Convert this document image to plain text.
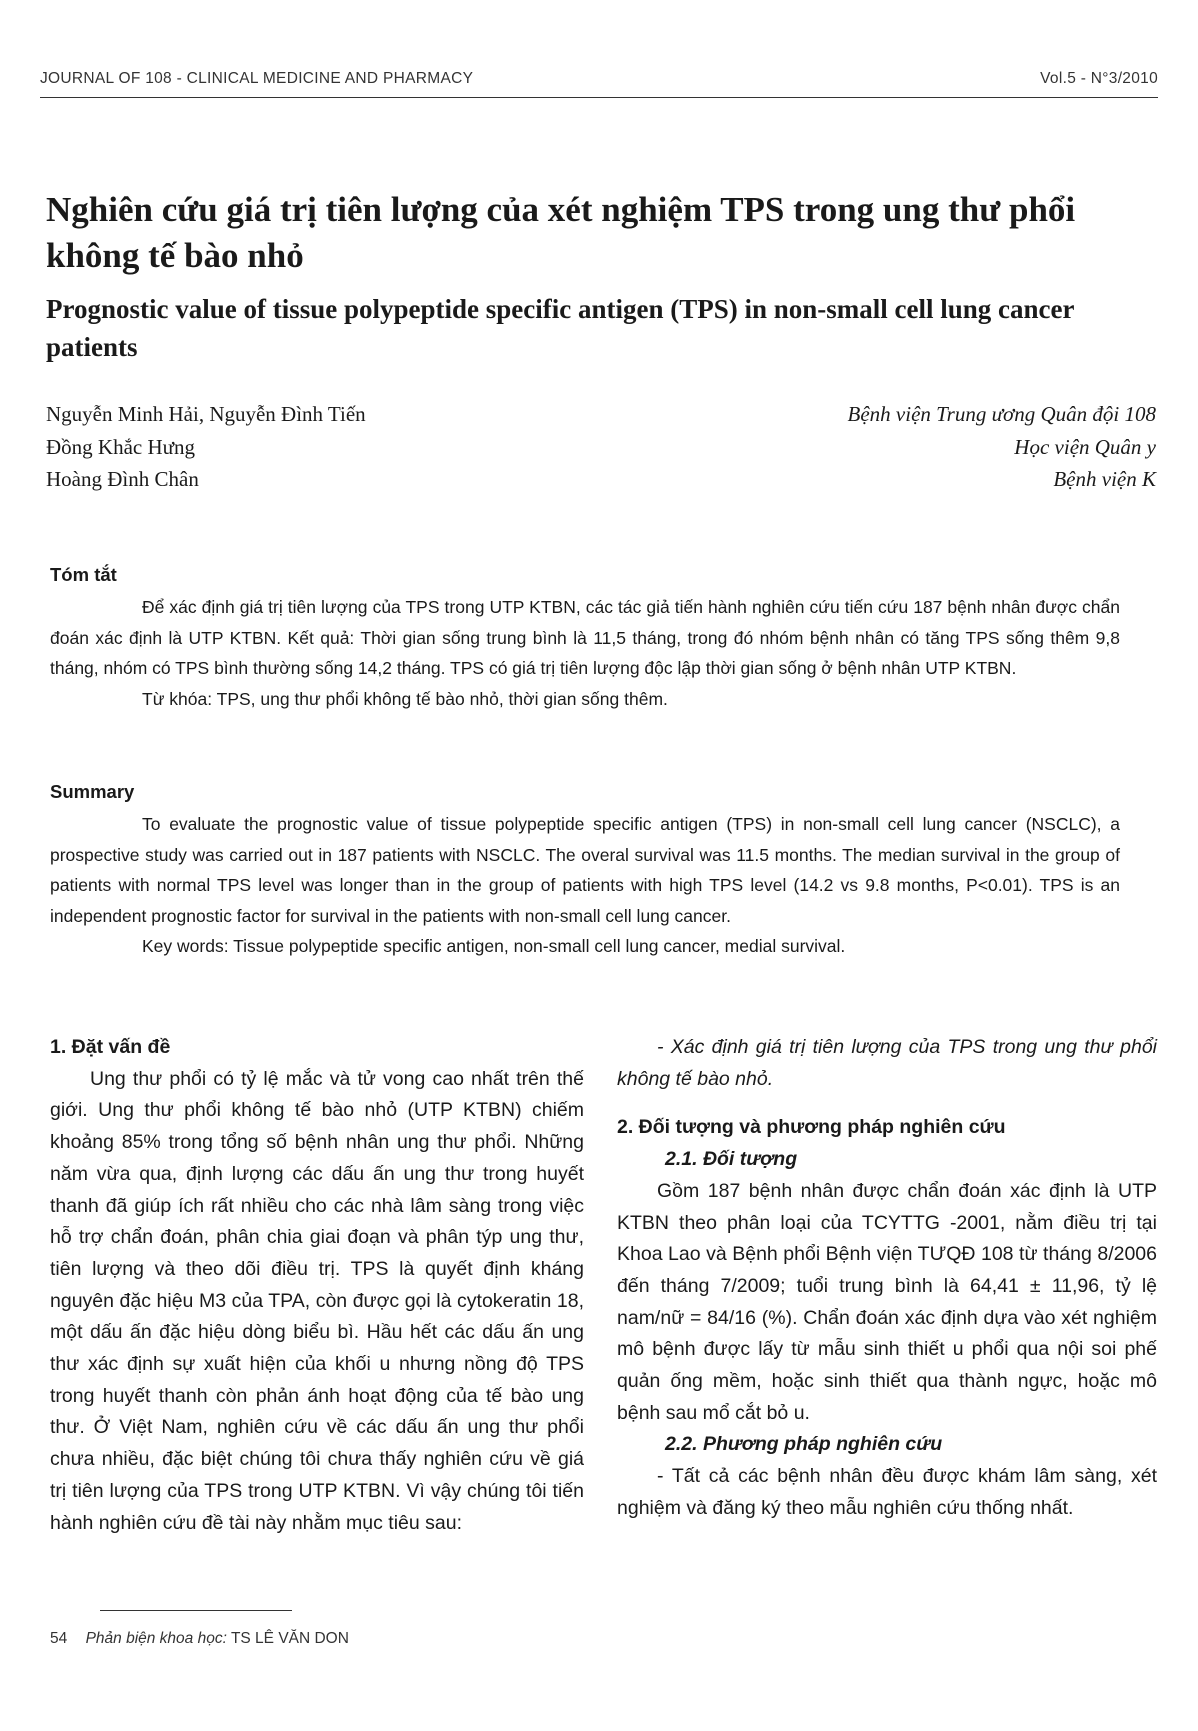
JOURNAL OF 108 - CLINICAL MEDICINE AND PHARMACY	Vol.5 - N°3/2010
Nghiên cứu giá trị tiên lượng của xét nghiệm TPS trong ung thư phổi không tế bào nhỏ
Prognostic value of tissue polypeptide specific antigen (TPS) in non-small cell lung cancer patients
Nguyễn Minh Hải, Nguyễn Đình Tiến	Bệnh viện Trung ương Quân đội 108
Đồng Khắc Hưng	Học viện Quân y
Hoàng Đình Chân	Bệnh viện K
Tóm tắt

Để xác định giá trị tiên lượng của TPS trong UTP KTBN, các tác giả tiến hành nghiên cứu tiến cứu 187 bệnh nhân được chẩn đoán xác định là UTP KTBN. Kết quả: Thời gian sống trung bình là 11,5 tháng, trong đó nhóm bệnh nhân có tăng TPS sống thêm 9,8 tháng, nhóm có TPS bình thường sống 14,2 tháng. TPS có giá trị tiên lượng độc lập thời gian sống ở bệnh nhân UTP KTBN.

Từ khóa: TPS, ung thư phổi không tế bào nhỏ, thời gian sống thêm.

Summary

To evaluate the prognostic value of tissue polypeptide specific antigen (TPS) in non-small cell lung cancer (NSCLC), a prospective study was carried out in 187 patients with NSCLC. The overal survival was 11.5 months. The median survival in the group of patients with normal TPS level was longer than in the group of patients with high TPS level (14.2 vs 9.8 months, P<0.01). TPS is an independent prognostic factor for survival in the patients with non-small cell lung cancer.

Key words: Tissue polypeptide specific antigen, non-small cell lung cancer, medial survival.

1. Đặt vấn đề

Ung thư phổi có tỷ lệ mắc và tử vong cao nhất trên thế giới. Ung thư phổi không tế bào nhỏ (UTP KTBN) chiếm khoảng 85% trong tổng số bệnh nhân ung thư phổi. Những năm vừa qua, định lượng các dấu ấn ung thư trong huyết thanh đã giúp ích rất nhiều cho các nhà lâm sàng trong việc hỗ trợ chẩn đoán, phân chia giai đoạn và phân týp ung thư, tiên lượng và theo dõi điều trị. TPS là quyết định kháng nguyên đặc hiệu M3 của TPA, còn được gọi là cytokeratin 18, một dấu ấn đặc hiệu dòng biểu bì. Hầu hết các dấu ấn ung thư xác định sự xuất hiện của khối u nhưng nồng độ TPS trong huyết thanh còn phản ánh hoạt động của tế bào ung thư. Ở Việt Nam, nghiên cứu về các dấu ấn ung thư phổi chưa nhiều, đặc biệt chúng tôi chưa thấy nghiên cứu về giá trị tiên lượng của TPS trong UTP KTBN. Vì vậy chúng tôi tiến hành nghiên cứu đề tài này nhằm mục tiêu sau:

- Xác định giá trị tiên lượng của TPS trong ung thư phổi không tế bào nhỏ.

2. Đối tượng và phương pháp nghiên cứu
2.1. Đối tượng

Gồm 187 bệnh nhân được chẩn đoán xác định là UTP KTBN theo phân loại của TCYTTG -2001, nằm điều trị tại Khoa Lao và Bệnh phổi Bệnh viện TƯQĐ 108 từ tháng 8/2006 đến tháng 7/2009; tuổi trung bình là 64,41 ± 11,96, tỷ lệ nam/nữ = 84/16 (%). Chẩn đoán xác định dựa vào xét nghiệm mô bệnh được lấy từ mẫu sinh thiết u phổi qua nội soi phế quản ống mềm, hoặc sinh thiết qua thành ngực, hoặc mô bệnh sau mổ cắt bỏ u.

2.2. Phương pháp nghiên cứu

- Tất cả các bệnh nhân đều được khám lâm sàng, xét nghiệm và đăng ký theo mẫu nghiên cứu thống nhất.

54 Phản biện khoa học: TS LÊ VĂN DON
